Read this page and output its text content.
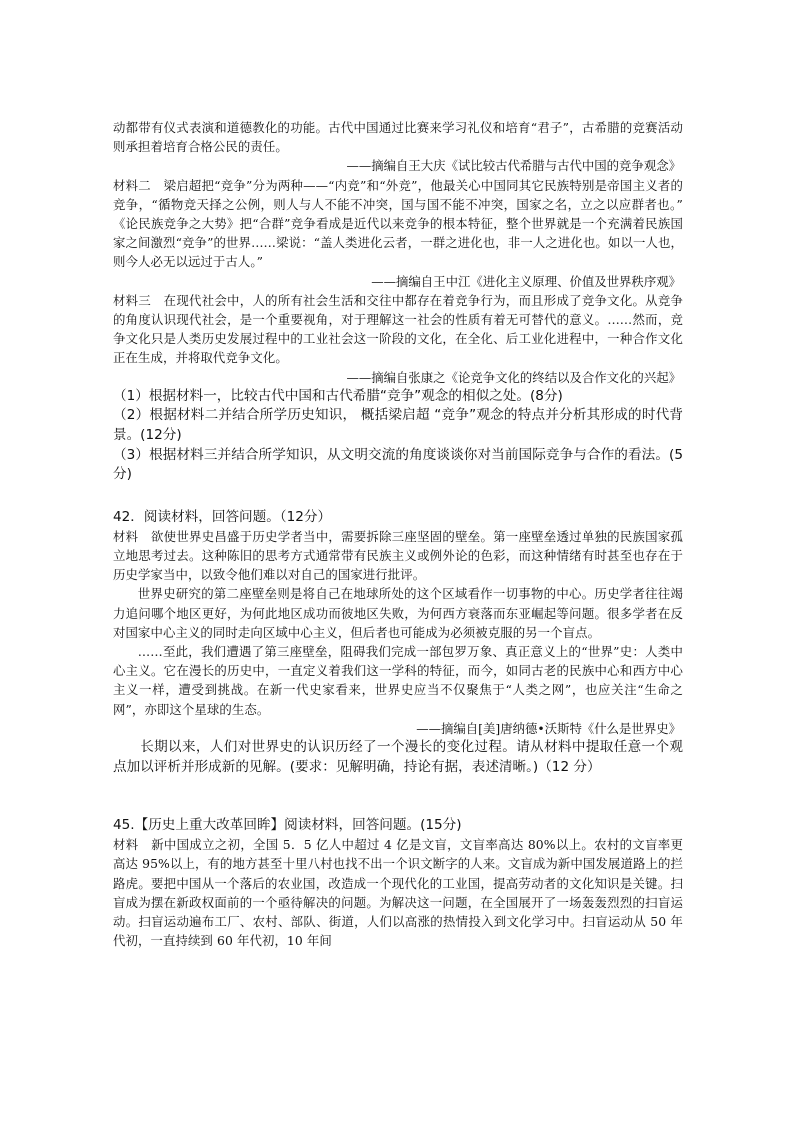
动都带有仪式表演和道德教化的功能。古代中国通过比赛来学习礼仪和培育“君子”，古希腊的竞赛活动则承担着培育合格公民的责任。

——摘编自王大庆《试比较古代希腊与古代中国的竞争观念》

材料二　梁启超把“竞争”分为两种——“内竞”和“外竞”，他最关心中国同其它民族特别是帝国主义者的竞争，“循物竞天择之公例，则人与人不能不冲突，国与国不能不冲突，国家之名，立之以应群者也。” 《论民族竞争之大势》把“合群”竞争看成是近代以来竞争的根本特征，整个世界就是一个充满着民族国家之间激烈“竞争”的世界……梁说：“盖人类进化云者，一群之进化也，非一人之进化也。如以一人也，则今人必无以远过于古人。”

——摘编自王中江《进化主义原理、价值及世界秩序观》

材料三　在现代社会中，人的所有社会生活和交往中都存在着竞争行为，而且形成了竞争文化。从竞争的角度认识现代社会，是一个重要视角，对于理解这一社会的性质有着无可替代的意义。……然而，竞争文化只是人类历史发展过程中的工业社会这一阶段的文化，在全化、后工业化进程中，一种合作文化正在生成，并将取代竞争文化。

——摘编自张康之《论竞争文化的终结以及合作文化的兴起》

（1）根据材料一，比较古代中国和古代希腊“竞争”观念的相似之处。(8分)

（2）根据材料二并结合所学历史知识， 概括梁启超 “竞争”观念的特点并分析其形成的时代背景。(12分)

（3）根据材料三并结合所学知识，从文明交流的角度谈谈你对当前国际竞争与合作的看法。(5分)

42．阅读材料，回答问题。（12分）

材料　欲使世界史昌盛于历史学者当中，需要拆除三座坚固的壁垒。第一座壁垒透过单独的民族国家孤立地思考过去。这种陈旧的思考方式通常带有民族主义或例外论的色彩，而这种情绪有时甚至也存在于历史学家当中，以致令他们难以对自己的国家进行批评。

世界史研究的第二座壁垒则是将自己在地球所处的这个区域看作一切事物的中心。历史学者往往竭力追问哪个地区更好，为何此地区成功而彼地区失败，为何西方衰落而东亚崛起等问题。很多学者在反对国家中心主义的同时走向区域中心主义，但后者也可能成为必须被克服的另一个盲点。

……至此，我们遭遇了第三座壁垒，阻碍我们完成一部包罗万象、真正意义上的“世界”史：人类中心主义。它在漫长的历史中，一直定义着我们这一学科的特征，而今，如同古老的民族中心和西方中心主义一样，遭受到挑战。在新一代史家看来，世界史应当不仅聚焦于“人类之网”，也应关注“生命之网”，亦即这个星球的生态。

——摘编自[美]唐纳德•沃斯特《什么是世界史》

长期以来，人们对世界史的认识历经了一个漫长的变化过程。请从材料中提取任意一个观点加以评析并形成新的见解。(要求：见解明确，持论有据，表述清晰。)（12 分）

45.【历史上重大改革回眸】阅读材料，回答问题。(15分)

材料　新中国成立之初，全国 5．5 亿人中超过 4 亿是文盲，文盲率高达 80%以上。农村的文盲率更高达 95%以上，有的地方甚至十里八村也找不出一个识文断字的人来。文盲成为新中国发展道路上的拦路虎。要把中国从一个落后的农业国，改造成一个现代化的工业国，提高劳动者的文化知识是关键。扫盲成为摆在新政权面前的一个亟待解决的问题。为解决这一问题，在全国展开了一场轰轰烈烈的扫盲运动。扫盲运动遍布工厂、农村、部队、街道，人们以高涨的热情投入到文化学习中。扫盲运动从 50 年代初，一直持续到 60 年代初，10 年间
